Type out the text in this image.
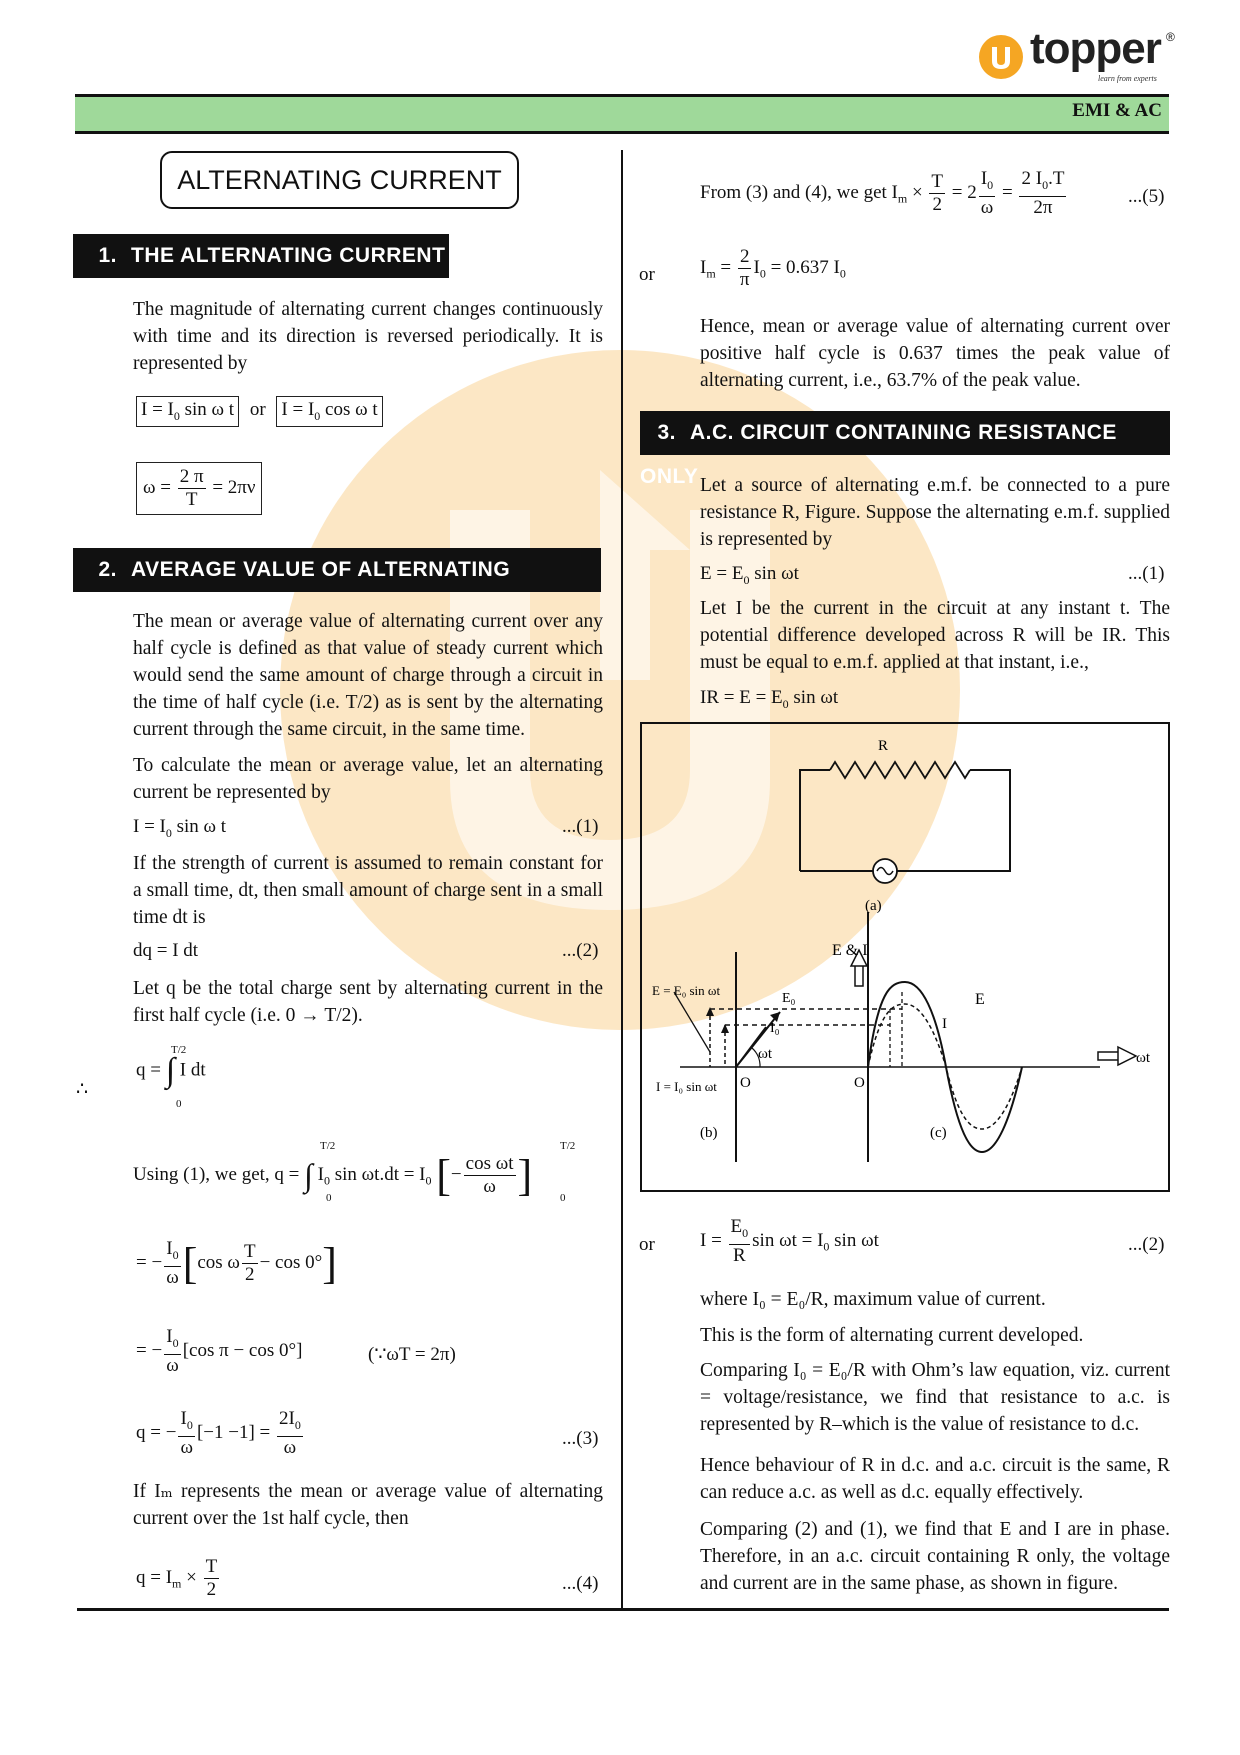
topper
learn from experts
®
EMI & AC
ALTERNATING CURRENT
1. THE ALTERNATING CURRENT
The magnitude of alternating current changes continuously with time and its direction is reversed periodically. It is represented by
$I = I_0$ sin ω t or $I = I_0$ cos ω t
$\omega = \frac{2 \pi}{T} = 2\pi\nu$
2. AVERAGE VALUE OF ALTERNATING CURRENT
The mean or average value of alternating current over any half cycle is defined as that value of steady current which would send the same amount of charge through a circuit in the time of half cycle (i.e. T/2) as is sent by the alternating current through the same circuit, in the same time.
To calculate the mean or average value, let an alternating current be represented by
$I = I_0$ sin ω t	...(1)
If the strength of current is assumed to remain constant for a small time, dt, then small amount of charge sent in a small time dt is
dq = I dt	...(2)
Let q be the total charge sent by alternating current in the first half cycle (i.e. 0 → T/2).
∴
q = ∫ I dt
T/2
0
Using (1), we get, q = ∫ $I_0$ $\sin \omega t.dt = I_0$ [− $\frac{\text{cos ωt}}{\omega}$ ]
T/2
0
T/2
0
= − $\frac{I_0}{\omega} [\cos$ ω $\frac{T}{2} - \cos 0^\circ$]
= − $\frac{I_0}{\omega} [\cos$ π − cos 0°]	(∵ωT = 2π)
q = − $\frac{I_0}{\omega} [-1 -1] = \frac{2I_0}{\omega}$	...(3)
If Iₘ represents the mean or average value of alternating current over the 1st half cycle, then
$q = I_m \times \frac{T}{2}$	...(4)
From (3) and (4), we get $I_m \times \frac{T}{2} = 2 \frac{I_0}{\omega} = \frac{2 I_0.T}{2\pi}$	...(5)
or $I_m = \frac{2}{\pi} I_0 = 0.637$ $I_0$
Hence, mean or average value of alternating current over positive half cycle is 0.637 times the peak value of alternating current, i.e., 63.7% of the peak value.
3. A.C. CIRCUIT CONTAINING RESISTANCE ONLY Let a source of alternating e.m.f. be connected to a pure resistance R, Figure. Suppose the alternating e.m.f. supplied is represented by
$E = E_0$ sin ωt	...(1)
Let I be the current in the circuit at any instant t. The potential difference developed across R will be IR. This must be equal to e.m.f. applied at that instant, i.e.,
IR = $E = E_0$ sin ωt
R
(a)
(b)	(c)
E & I
E
I
E₀
I₀
ωt
O	O
ωt
E = E₀ sin ωt
I = I₀ sin ωt
or $I = \frac{E_0}{R}$ $\sin \omega t = I_0$ sin ωt	...(2)
where I₀ = E₀/R, maximum value of current.
This is the form of alternating current developed.
Comparing I₀ = E₀/R with Ohm’s law equation, viz. current = voltage/resistance, we find that resistance to a.c. is represented by R–which is the value of resistance to d.c.
Hence behaviour of R in d.c. and a.c. circuit is the same, R can reduce a.c. as well as d.c. equally effectively.
Comparing (2) and (1), we find that E and I are in phase. Therefore, in an a.c. circuit containing R only, the voltage and current are in the same phase, as shown in figure.
